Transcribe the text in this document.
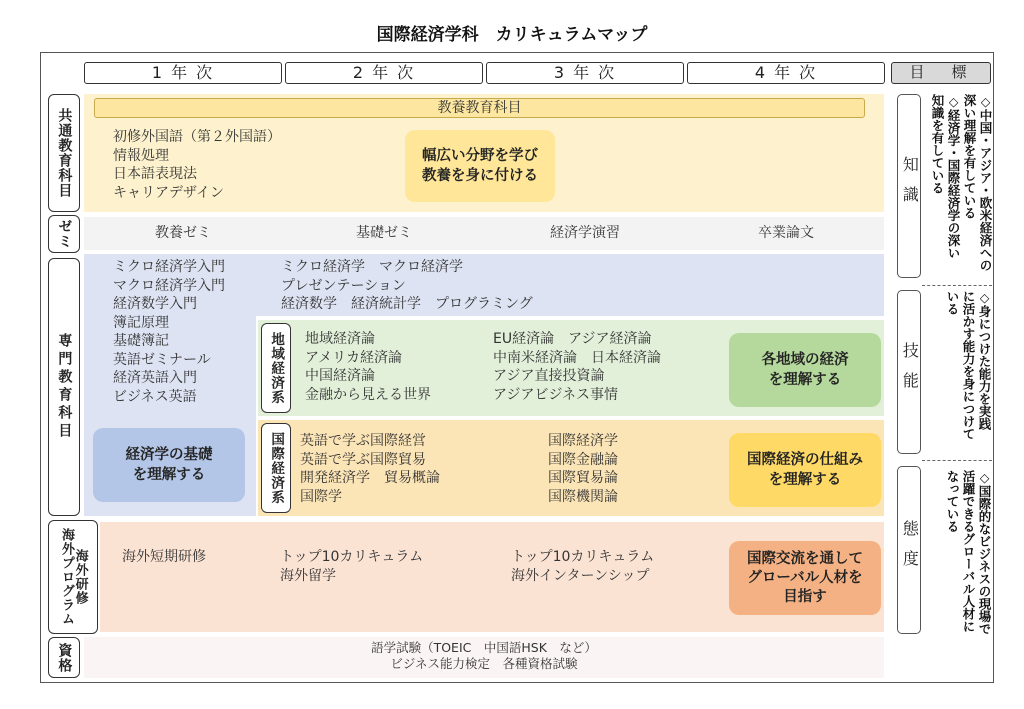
国際経済学科　カリキュラムマップ
1 年 次	2 年 次	3 年 次	4 年 次	目　標
共通教育科目
ゼミ
専門教育科目
海外プログラム
海外研修
資格
教養教育科目
初修外国語（第２外国語）
情報処理
日本語表現法
キャリアデザイン
幅広い分野を学び
教養を身に付ける
教養ゼミ	基礎ゼミ	経済学演習	卒業論文
ミクロ経済学入門
マクロ経済学入門
経済数学入門
簿記原理
基礎簿記
英語ゼミナール
経済英語入門
ビジネス英語
ミクロ経済学　マクロ経済学
プレゼンテーション
経済数学　経済統計学　プログラミング
経済学の基礎
を理解する
地域経済系 地域経済論
アメリカ経済論
中国経済論
金融から見える世界
EU経済論　アジア経済論
中南米経済論　日本経済論
アジア直接投資論
アジアビジネス事情
各地域の経済
を理解する
国際経済系 英語で学ぶ国際経営
英語で学ぶ国際貿易
開発経済学　貿易概論
国際学
国際経済学
国際金融論
国際貿易論
国際機関論
国際経済の仕組み
を理解する
海外短期研修	トップ10カリキュラム
海外留学
トップ10カリキュラム
海外インターンシップ
国際交流を通して
グローバル人材を
目指す
語学試験（TOEIC　中国語HSK　など）
ビジネス能力検定　各種資格試験
知識	◇中国・アジア・欧米経済への
深い理解を有している
◇経済学・国際経済学の深い
知識を有している
技能	◇身につけた能力を実践
に活かす能力を身につけて
いる
態度	◇国際的なビジネスの現場で
活躍できるグローバル人材に
なっている
